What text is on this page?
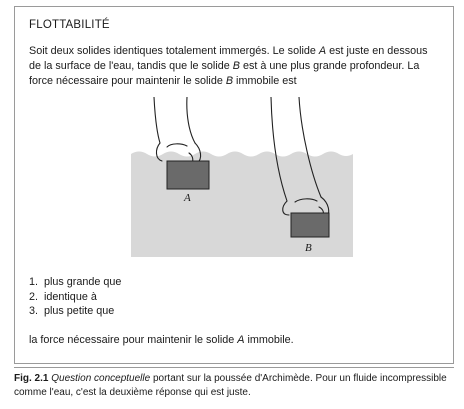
FLOTTABILITÉ
Soit deux solides identiques totalement immergés. Le solide A est juste en dessous de la surface de l'eau, tandis que le solide B est à une plus grande profondeur. La force nécessaire pour maintenir le solide B immobile est
A
B
1. plus grande que
2. identique à
3. plus petite que
la force nécessaire pour maintenir le solide A immobile.
Fig. 2.1 Question conceptuelle portant sur la poussée d'Archimède. Pour un fluide incompressible comme l'eau, c'est la deuxième réponse qui est juste.
